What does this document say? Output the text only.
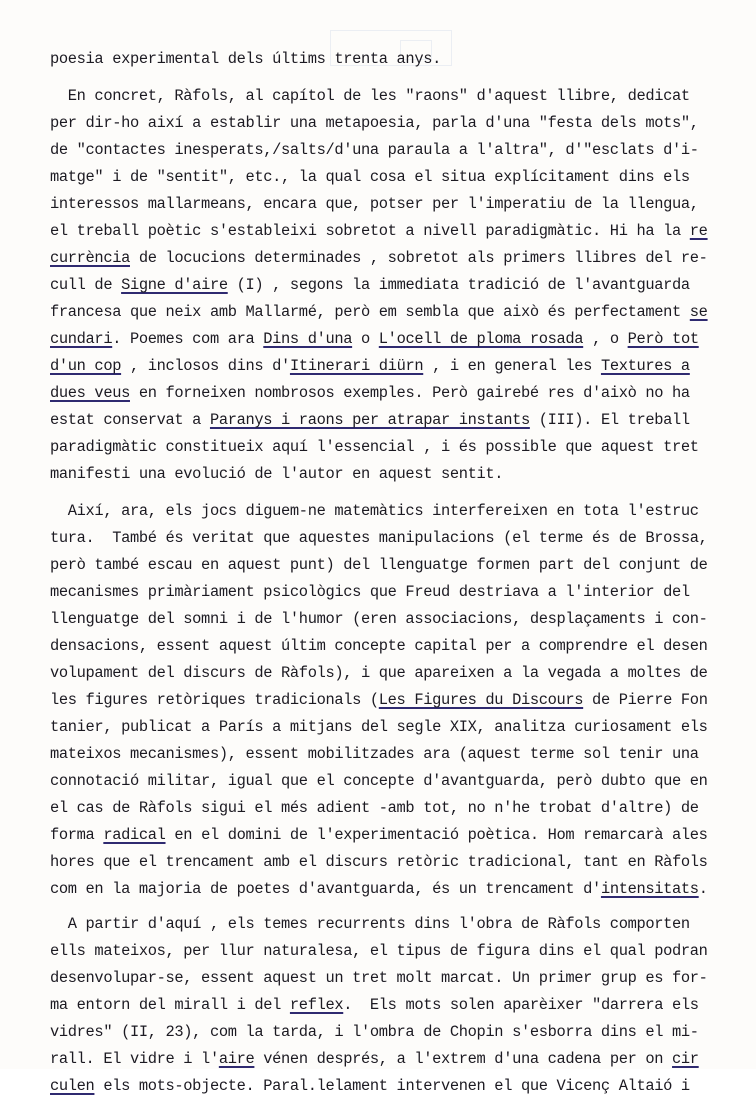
poesia experimental dels últims trenta anys.
En concret, Ràfols, al capítol de les "raons" d'aquest llibre, dedicat
per dir-ho així a establir una metapoesia, parla d'una "festa dels mots",
de "contactes inesperats,/salts/d'una paraula a l'altra", d'"esclats d'i-
matge" i de "sentit", etc., la qual cosa el situa explícitament dins els
interessos mallarmeans, encara que, potser per l'imperatiu de la llengua,
el treball poètic s'estableixi sobretot a nivell paradigmàtic. Hi ha la re
currència de locucions determinades , sobretot als primers llibres del re-
cull de Signe d'aire (I) , segons la immediata tradició de l'avantguarda
francesa que neix amb Mallarmé, però em sembla que això és perfectament se
cundari. Poemes com ara Dins d'una o L'ocell de ploma rosada , o Però tot
d'un cop , inclosos dins d'Itinerari diürn , i en general les Textures a
dues veus en forneixen nombrosos exemples. Però gairebé res d'això no ha
estat conservat a Paranys i raons per atrapar instants (III). El treball
paradigmàtic constitueix aquí l'essencial , i és possible que aquest tret
manifesti una evolució de l'autor en aquest sentit.
Així, ara, els jocs diguem-ne matemàtics interfereixen en tota l'estruc
tura.  També és veritat que aquestes manipulacions (el terme és de Brossa,
però també escau en aquest punt) del llenguatge formen part del conjunt de
mecanismes primàriament psicològics que Freud destriava a l'interior del
llenguatge del somni i de l'humor (eren associacions, desplaçaments i con-
densacions, essent aquest últim concepte capital per a comprendre el desen
volupament del discurs de Ràfols), i que apareixen a la vegada a moltes de
les figures retòriques tradicionals (Les Figures du Discours de Pierre Fon
tanier, publicat a París a mitjans del segle XIX, analitza curiosament els
mateixos mecanismes), essent mobilitzades ara (aquest terme sol tenir una
connotació militar, igual que el concepte d'avantguarda, però dubto que en
el cas de Ràfols sigui el més adient -amb tot, no n'he trobat d'altre) de
forma radical en el domini de l'experimentació poètica. Hom remarcarà ales
hores que el trencament amb el discurs retòric tradicional, tant en Ràfols
com en la majoria de poetes d'avantguarda, és un trencament d'intensitats.
A partir d'aquí , els temes recurrents dins l'obra de Ràfols comporten
ells mateixos, per llur naturalesa, el tipus de figura dins el qual podran
desenvolupar-se, essent aquest un tret molt marcat. Un primer grup es for-
ma entorn del mirall i del reflex.  Els mots solen aparèixer "darrera els
vidres" (II, 23), com la tarda, i l'ombra de Chopin s'esborra dins el mi-
rall. El vidre i l'aire vénen després, a l'extrem d'una cadena per on cir
culen els mots-objecte. Paral.lelament intervenen el que Vicenç Altaió i
